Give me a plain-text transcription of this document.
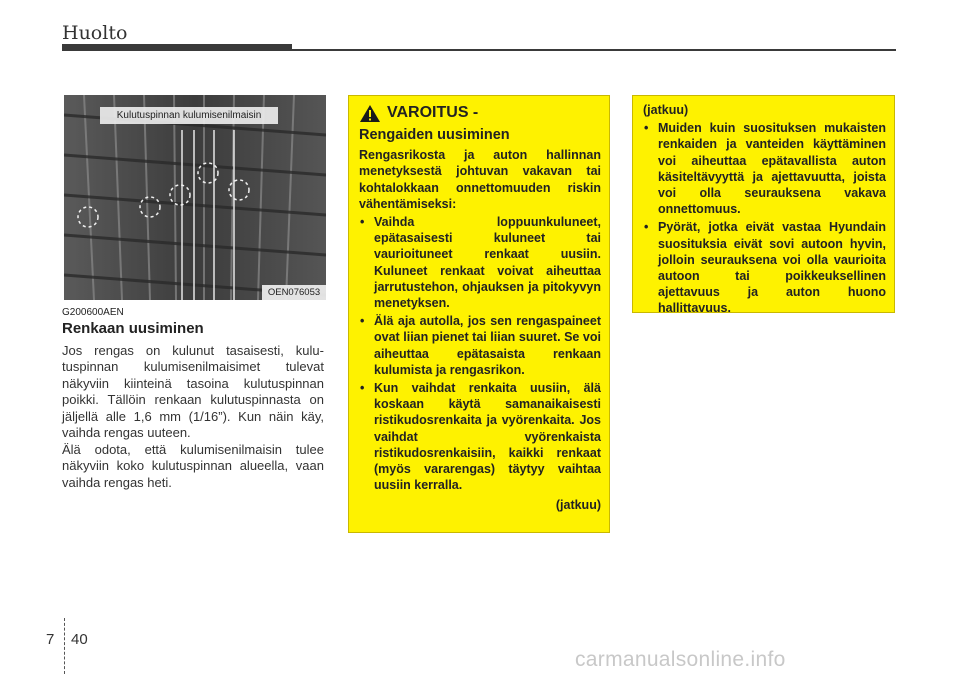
Huolto
Kulutuspinnan kulumisenilmaisin
OEN076053
G200600AEN
Renkaan uusiminen
Jos rengas on kulunut tasaisesti, kulutuspinnan kulumisenilmaisimet tulevat näkyviin kiinteinä tasoina kulutuspinnan poikki. Tällöin renkaan kulutuspinnasta on jäljellä alle 1,6 mm (1/16”). Kun näin käy, vaihda rengas uuteen.
Älä odota, että kulumisenilmaisin tulee näkyviin koko kulutuspinnan alueella, vaan vaihda rengas heti.
VAROITUS -
Rengaiden uusiminen
Rengasrikosta ja auton hallinnan menetyksestä johtuvan vakavan tai kohtalokkaan onnettomuuden riskin vähentämiseksi:
• Vaihda loppuunkuluneet, epätasaisesti kuluneet tai vaurioituneet renkaat uusiin. Kuluneet renkaat voivat aiheuttaa jarrutustehon, ohjauksen ja pitokyvyn menetyksen.
• Älä aja autolla, jos sen rengaspaineet ovat liian pienet tai liian suuret. Se voi aiheuttaa epätasaista renkaan kulumista ja rengasrikon.
• Kun vaihdat renkaita uusiin, älä koskaan käytä samanaikaisesti ristikudosrenkaita ja vyörenkaita. Jos vaihdat vyörenkaista ristikudosrenkaisiin, kaikki renkaat (myös vararengas) täytyy vaihtaa uusiin kerralla.
(jatkuu)
(jatkuu)
• Muiden kuin suosituksen mukaisten renkaiden ja vanteiden käyttäminen voi aiheuttaa epätavallista auton käsiteltävyyttä ja ajettavuutta, joista voi olla seurauksena vakava onnettomuus.
• Pyörät, jotka eivät vastaa Hyundain suosituksia eivät sovi autoon hyvin, jolloin seurauksena voi olla vaurioita autoon tai poikkeuksellinen ajettavuus ja auton huono hallittavuus.
7 40
carmanualsonline.info
